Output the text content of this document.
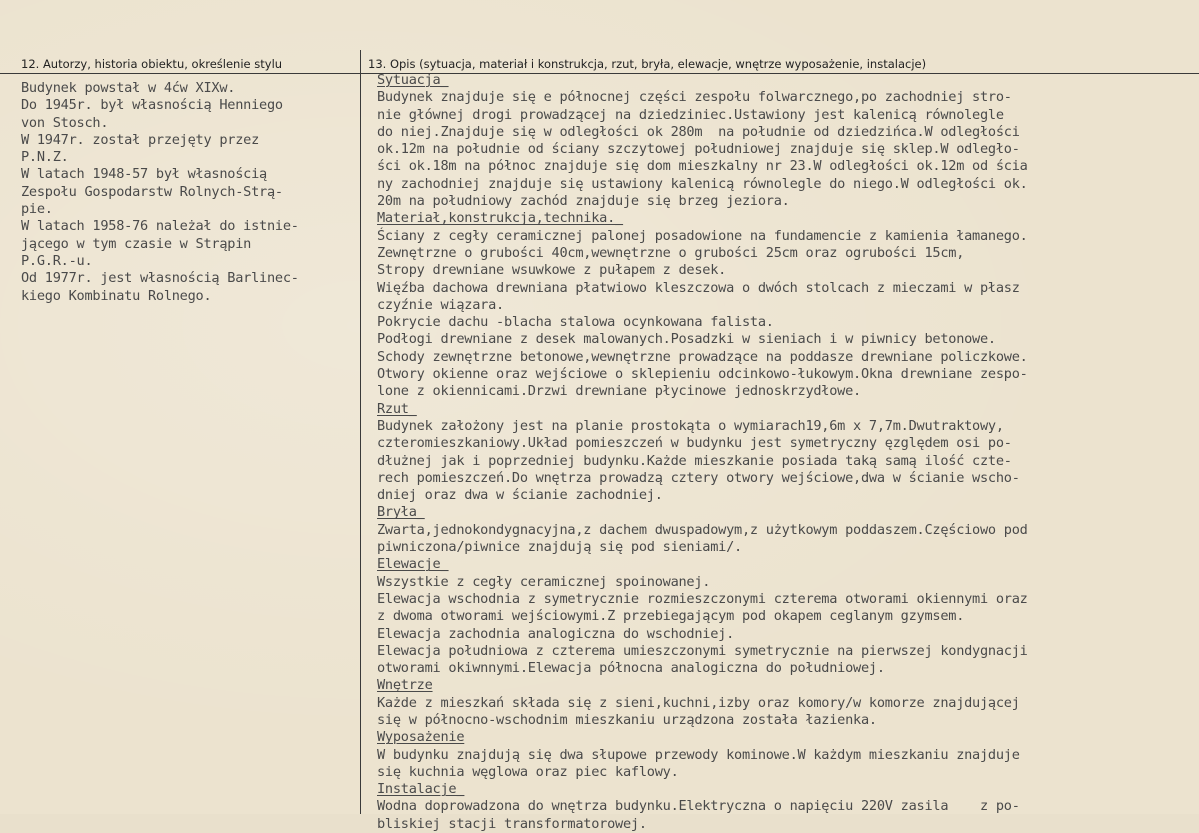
12. Autorzy, historia obiektu, określenie stylu	13. Opis (sytuacja, materiał i konstrukcja, rzut, bryła, elewacje, wnętrze wyposażenie, instalacje)
Budynek powstał w 4ćw XIXw.
Do 1945r. był własnością Henniego
von Stosch.
W 1947r. został przejęty przez
P.N.Z.
W latach 1948-57 był własnością
Zespołu Gospodarstw Rolnych-Strą-
pie.
W latach 1958-76 należał do istnie-
jącego w tym czasie w Strąpin
P.G.R.-u.
Od 1977r. jest własnością Barlinec-
kiego Kombinatu Rolnego.
Sytuacja_
Budynek znajduje się e północnej części zespołu folwarcznego,po zachodniej stro-
nie głównej drogi prowadzącej na dziedziniec.Ustawiony jest kalenicą równolegle
do niej.Znajduje się w odległości ok 280m  na południe od dziedzińca.W odległości
ok.12m na południe od ściany szczytowej południowej znajduje się sklep.W odległo-
ści ok.18m na północ znajduje się dom mieszkalny nr 23.W odległości ok.12m od ścia
ny zachodniej znajduje się ustawiony kalenicą równolegle do niego.W odległości ok.
20m na południowy zachód znajduje się brzeg jeziora.
Materiał,konstrukcja,technika._
Ściany z cegły ceramicznej palonej posadowione na fundamencie z kamienia łamanego.
Zewnętrzne o grubości 40cm,wewnętrzne o grubości 25cm oraz ogrubości 15cm,
Stropy drewniane wsuwkowe z pułapem z desek.
Więźba dachowa drewniana płatwiowo kleszczowa o dwóch stolcach z mieczami w płasz
czyźnie wiązara.
Pokrycie dachu -blacha stalowa ocynkowana falista.
Podłogi drewniane z desek malowanych.Posadzki w sieniach i w piwnicy betonowe.
Schody zewnętrzne betonowe,wewnętrzne prowadzące na poddasze drewniane policzkowe.
Otwory okienne oraz wejściowe o sklepieniu odcinkowo-łukowym.Okna drewniane zespo-
lone z okiennicami.Drzwi drewniane płycinowe jednoskrzydłowe.
Rzut_
Budynek założony jest na planie prostokąta o wymiarach19,6m x 7,7m.Dwutraktowy,
czteromieszkaniowy.Układ pomieszczeń w budynku jest symetryczny ęzględem osi po-
dłużnej jak i poprzedniej budynku.Każde mieszkanie posiada taką samą ilość czte-
rech pomieszczeń.Do wnętrza prowadzą cztery otwory wejściowe,dwa w ścianie wscho-
dniej oraz dwa w ścianie zachodniej.
Bryła_
Zwarta,jednokondygnacyjna,z dachem dwuspadowym,z użytkowym poddaszem.Częściowo pod
piwniczona/piwnice znajdują się pod sieniami/.
Elewacje_
Wszystkie z cegły ceramicznej spoinowanej.
Elewacja wschodnia z symetrycznie rozmieszczonymi czterema otworami okiennymi oraz
z dwoma otworami wejściowymi.Z przebiegającym pod okapem ceglanym gzymsem.
Elewacja zachodnia analogiczna do wschodniej.
Elewacja południowa z czterema umieszczonymi symetrycznie na pierwszej kondygnacji
otworami okiwnnymi.Elewacja północna analogiczna do południowej.
Wnętrze
Każde z mieszkań składa się z sieni,kuchni,izby oraz komory/w komorze znajdującej
się w północno-wschodnim mieszkaniu urządzona została łazienka.
Wyposażenie
W budynku znajdują się dwa słupowe przewody kominowe.W każdym mieszkaniu znajduje
się kuchnia węglowa oraz piec kaflowy.
Instalacje_
Wodna doprowadzona do wnętrza budynku.Elektryczna o napięciu 220V zasila    z po-
bliskiej stacji transformatorowej.
